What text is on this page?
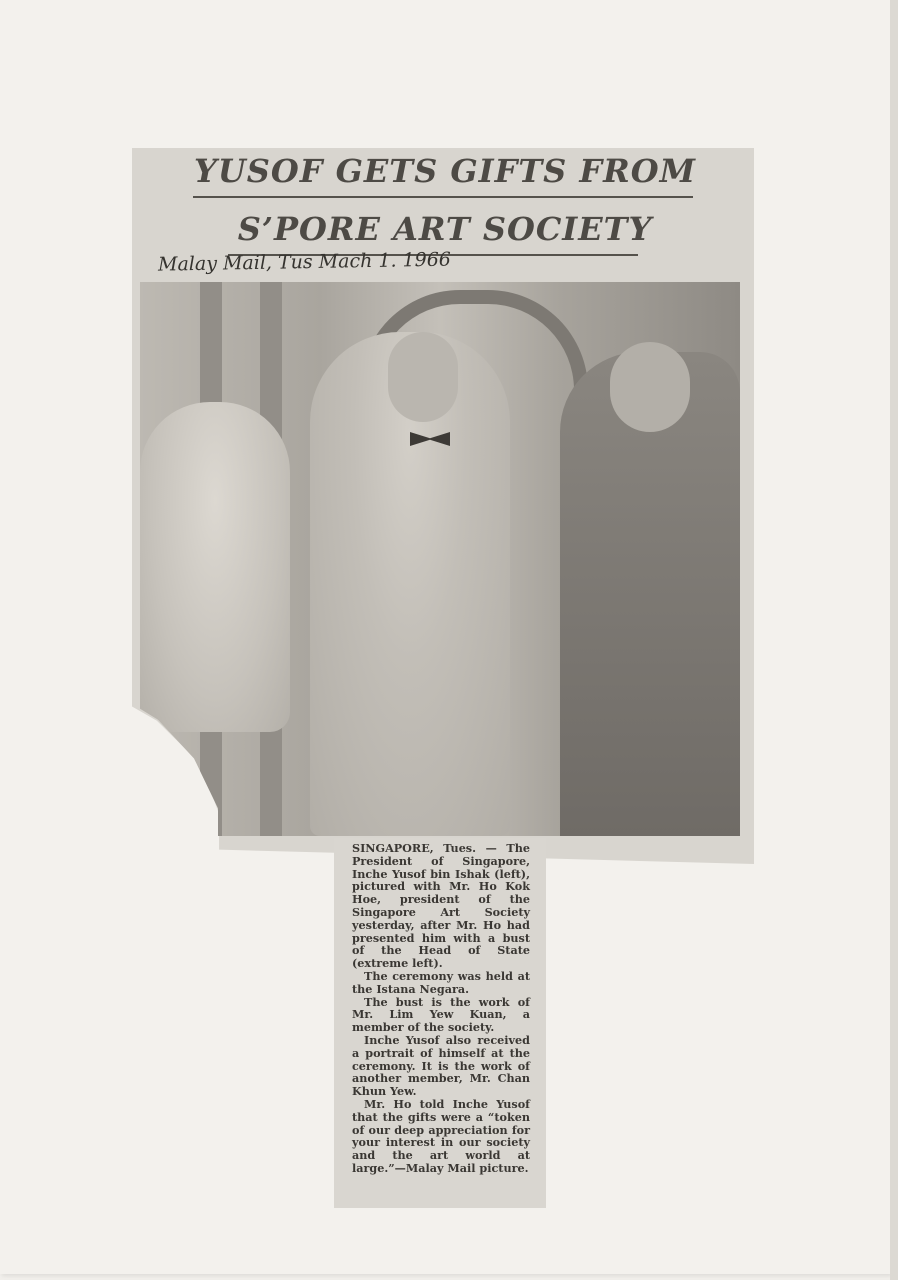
YUSOF GETS GIFTS FROM
S’PORE ART SOCIETY
Malay Mail, Tus Mach 1. 1966

SINGAPORE, Tues. — The President of Singapore, Inche Yusof bin Ishak (left), pictured with Mr. Ho Kok Hoe, president of the Singapore Art Society yesterday, after Mr. Ho had presented him with a bust of the Head of State (extreme left).

The ceremony was held at the Istana Negara.

The bust is the work of Mr. Lim Yew Kuan, a member of the society.

Inche Yusof also received a portrait of himself at the ceremony. It is the work of another member, Mr. Chan Khun Yew.

Mr. Ho told Inche Yusof that the gifts were a “token of our deep appreciation for your interest in our society and the art world at large.”—Malay Mail picture.
